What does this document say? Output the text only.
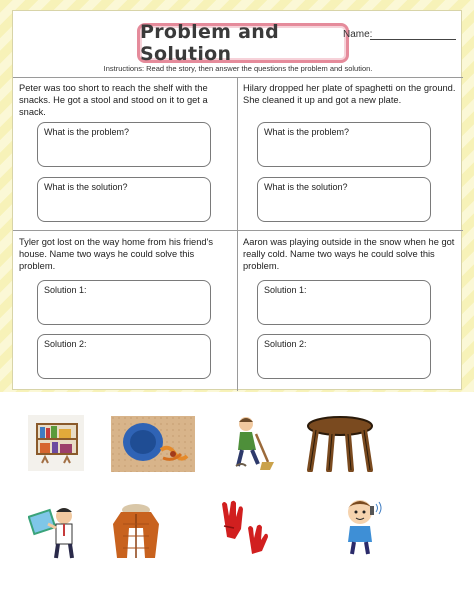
Problem and Solution
Name:
Instructions: Read the story, then answer the questions the problem and solution.
Peter was too short to reach the shelf with the snacks. He got a stool and stood on it to get a snack.
What is the problem?
What is the solution?
Hilary dropped her plate of spaghetti on the ground. She cleaned it up and got a new plate.
What is the problem?
What is the solution?
Tyler got lost on the way home from his friend's house. Name two ways he could solve this problem.
Solution 1:
Solution 2:
Aaron was playing outside in the snow when he got really cold. Name two ways he could solve this problem.
Solution 1:
Solution 2:
